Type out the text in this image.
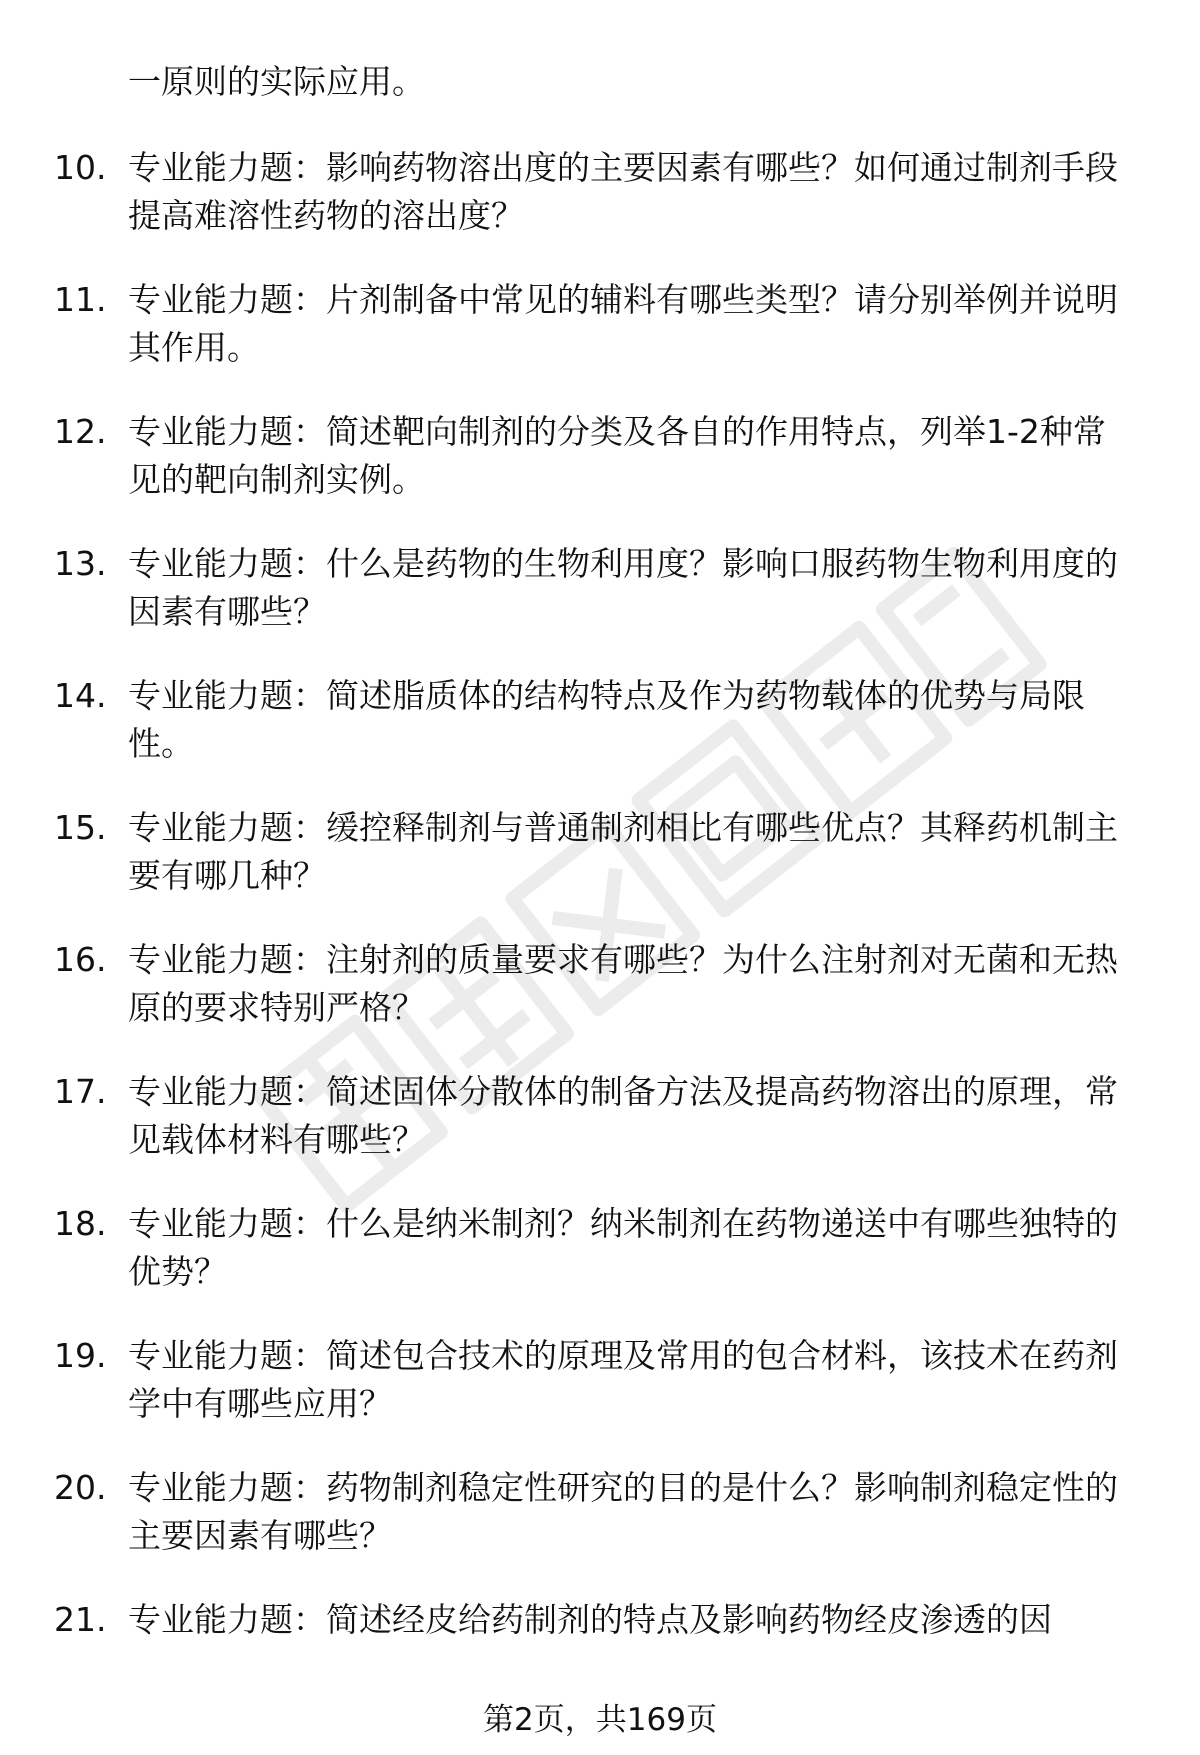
一原则的实际应用。
10. 专业能力题：影响药物溶出度的主要因素有哪些？如何通过制剂手段提高难溶性药物的溶出度？
11. 专业能力题：片剂制备中常见的辅料有哪些类型？请分别举例并说明其作用。
12. 专业能力题：简述靶向制剂的分类及各自的作用特点，列举1-2种常见的靶向制剂实例。
13. 专业能力题：什么是药物的生物利用度？影响口服药物生物利用度的因素有哪些？
14. 专业能力题：简述脂质体的结构特点及作为药物载体的优势与局限性。
15. 专业能力题：缓控释制剂与普通制剂相比有哪些优点？其释药机制主要有哪几种？
16. 专业能力题：注射剂的质量要求有哪些？为什么注射剂对无菌和无热原的要求特别严格？
17. 专业能力题：简述固体分散体的制备方法及提高药物溶出的原理，常见载体材料有哪些？
18. 专业能力题：什么是纳米制剂？纳米制剂在药物递送中有哪些独特的优势？
19. 专业能力题：简述包合技术的原理及常用的包合材料，该技术在药剂学中有哪些应用？
20. 专业能力题：药物制剂稳定性研究的目的是什么？影响制剂稳定性的主要因素有哪些？
21. 专业能力题：简述经皮给药制剂的特点及影响药物经皮渗透的因
第2页，共169页
